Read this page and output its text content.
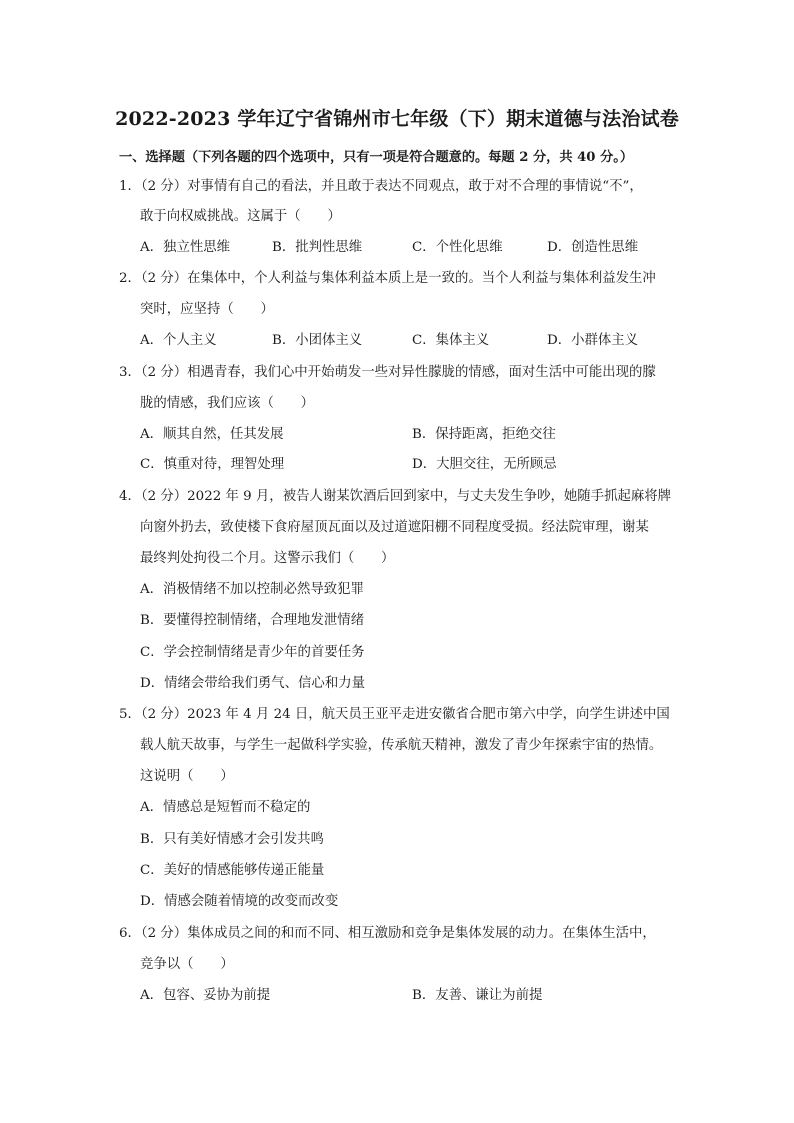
2022-2023 学年辽宁省锦州市七年级（下）期末道德与法治试卷
一、选择题（下列各题的四个选项中，只有一项是符合题意的。每题 2 分，共 40 分。）
1．（2 分）对事情有自己的看法，并且敢于表达不同观点，敢于对不合理的事情说“不”，
敢于向权威挑战。这属于（　　）
A．独立性思维	B．批判性思维	C．个性化思维	D．创造性思维
2．（2 分）在集体中，个人利益与集体利益本质上是一致的。当个人利益与集体利益发生冲
突时，应坚持（　　）
A．个人主义	B．小团体主义	C．集体主义	D．小群体主义
3．（2 分）相遇青春，我们心中开始萌发一些对异性朦胧的情感，面对生活中可能出现的朦
胧的情感，我们应该（　　）
A．顺其自然，任其发展	B．保持距离，拒绝交往
C．慎重对待，理智处理	D．大胆交往，无所顾忌
4．（2 分）2022 年 9 月，被告人谢某饮酒后回到家中，与丈夫发生争吵，她随手抓起麻将牌
向窗外扔去，致使楼下食府屋顶瓦面以及过道遮阳棚不同程度受损。经法院审理，谢某
最终判处拘役二个月。这警示我们（　　）
A．消极情绪不加以控制必然导致犯罪
B．要懂得控制情绪，合理地发泄情绪
C．学会控制情绪是青少年的首要任务
D．情绪会带给我们勇气、信心和力量
5．（2 分）2023 年 4 月 24 日，航天员王亚平走进安徽省合肥市第六中学，向学生讲述中国
载人航天故事，与学生一起做科学实验，传承航天精神，激发了青少年探索宇宙的热情。
这说明（　　）
A．情感总是短暂而不稳定的
B．只有美好情感才会引发共鸣
C．美好的情感能够传递正能量
D．情感会随着情境的改变而改变
6．（2 分）集体成员之间的和而不同、相互激励和竞争是集体发展的动力。在集体生活中，
竞争以（　　）
A．包容、妥协为前提	B．友善、谦让为前提
